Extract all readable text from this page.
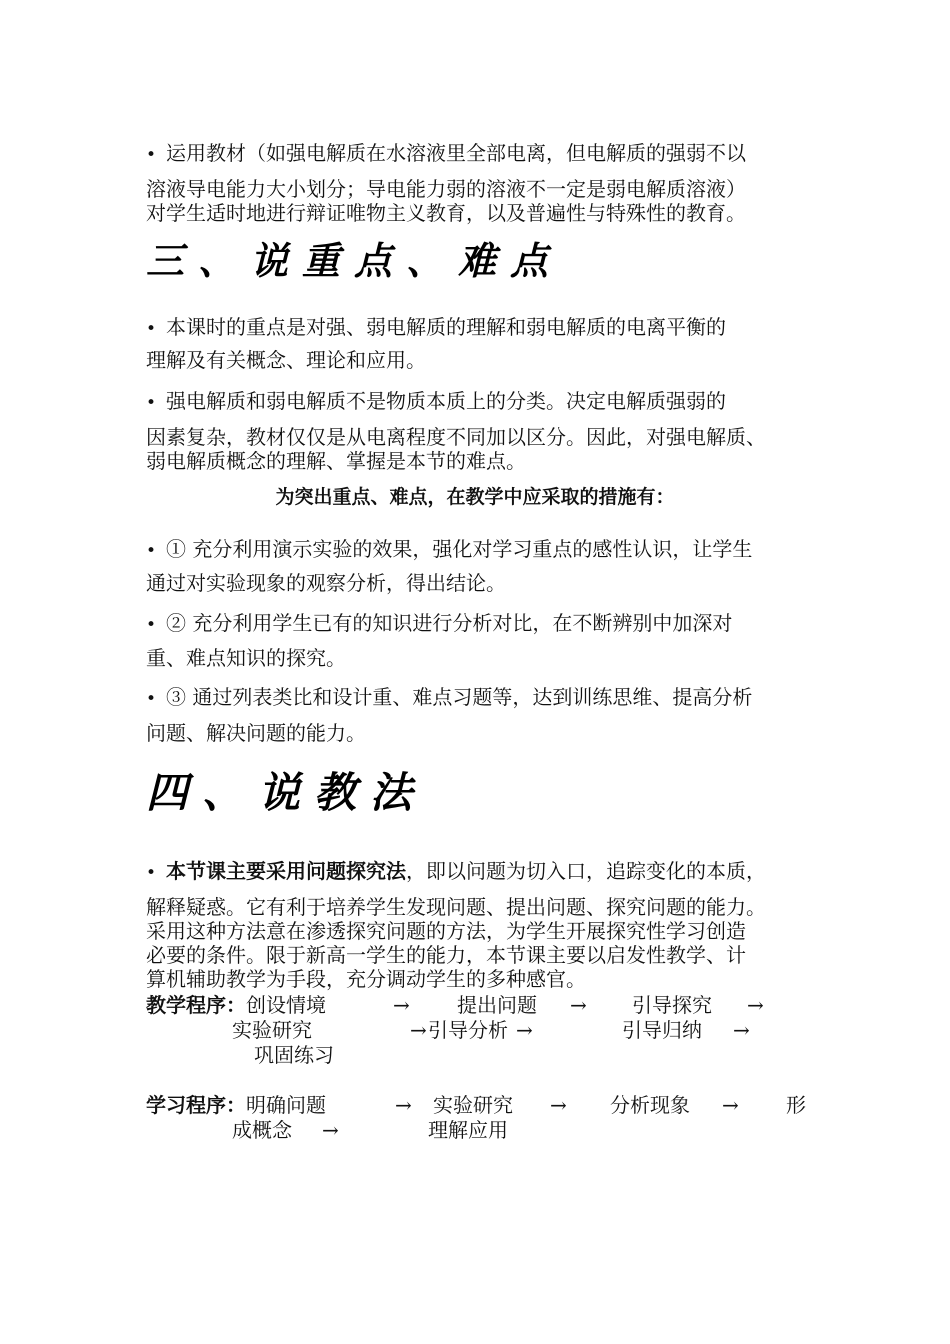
• 运用教材（如强电解质在水溶液里全部电离，但电解质的强弱不以
溶液导电能力大小划分；导电能力弱的溶液不一定是弱电解质溶液）
对学生适时地进行辩证唯物主义教育，以及普遍性与特殊性的教育。
三、说重点、难点
• 本课时的重点是对强、弱电解质的理解和弱电解质的电离平衡的
理解及有关概念、理论和应用。
• 强电解质和弱电解质不是物质本质上的分类。决定电解质强弱的
因素复杂，教材仅仅是从电离程度不同加以区分。因此，对强电解质、
弱电解质概念的理解、掌握是本节的难点。
为突出重点、难点，在教学中应采取的措施有：
• ① 充分利用演示实验的效果，强化对学习重点的感性认识，让学生
通过对实验现象的观察分析，得出结论。
• ② 充分利用学生已有的知识进行分析对比，在不断辨别中加深对
重、难点知识的探究。
• ③ 通过列表类比和设计重、难点习题等，达到训练思维、提高分析
问题、解决问题的能力。
四、说教法
• 本节课主要采用问题探究法，即以问题为切入口，追踪变化的本质，
解释疑惑。它有利于培养学生发现问题、提出问题、探究问题的能力。
采用这种方法意在渗透探究问题的方法，为学生开展探究性学习创造
必要的条件。限于新高一学生的能力，本节课主要以启发性教学、计
算机辅助教学为手段，充分调动学生的多种感官。
教学程序：创设情境	→ 提出问题 → 引导探究 →
实验研究	→ 引导分析 →	引导归纳 →
巩固练习
学习程序：明确问题	→ 实验研究 → 分析现象 → 形
成概念 →	理解应用
